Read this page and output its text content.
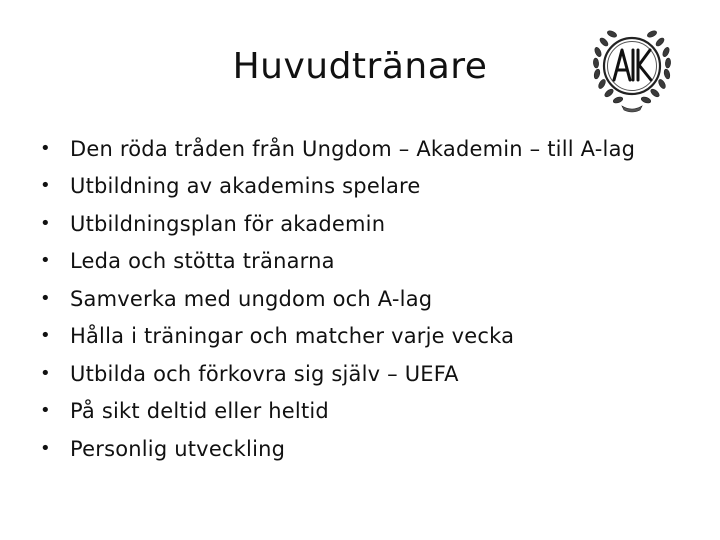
Huvudtränare
• Den röda tråden från Ungdom – Akademin – till A-lag
• Utbildning av akademins spelare
• Utbildningsplan för akademin
• Leda och stötta tränarna
• Samverka med ungdom och A-lag
• Hålla i träningar och matcher varje vecka
• Utbilda och förkovra sig själv – UEFA
• På sikt deltid eller heltid
• Personlig utveckling
